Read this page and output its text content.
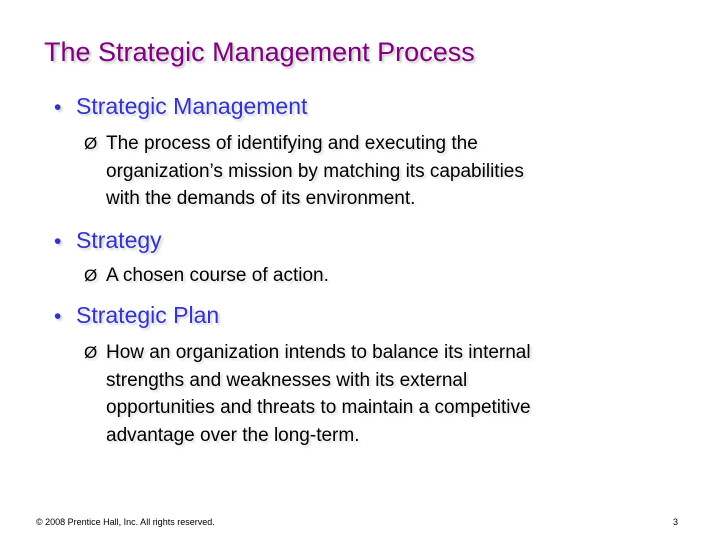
The Strategic Management Process
• Strategic Management
Ø The process of identifying and executing the
organization’s mission by matching its capabilities
with the demands of its environment.
• Strategy
Ø A chosen course of action.
• Strategic Plan
Ø How an organization intends to balance its internal
strengths and weaknesses with its external
opportunities and threats to maintain a competitive
advantage over the long-term.
© 2008 Prentice Hall, Inc. All rights reserved.	3
